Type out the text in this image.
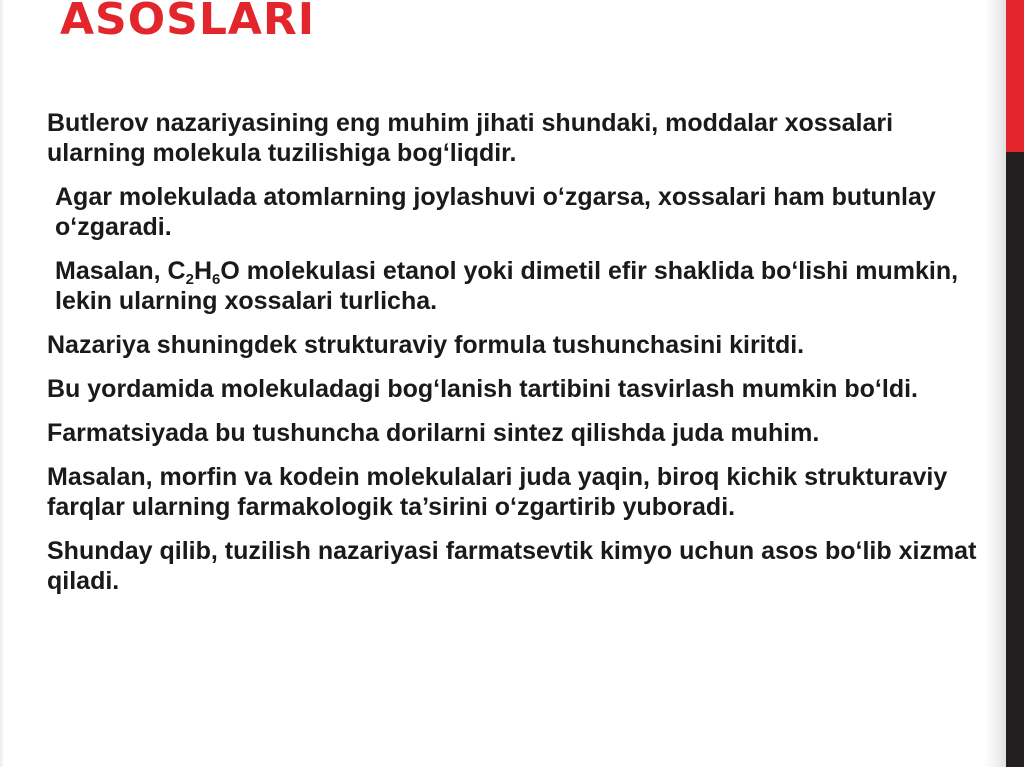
ASOSLARI

Butlerov nazariyasining eng muhim jihati shundaki, moddalar xossalari ularning molekula tuzilishiga bog‘liqdir.

Agar molekulada atomlarning joylashuvi o‘zgarsa, xossalari ham butunlay o‘zgaradi.

Masalan, $C_2H_6O$ molekulasi etanol yoki dimetil efir shaklida bo‘lishi mumkin, lekin ularning xossalari turlicha.

Nazariya shuningdek strukturaviy formula tushunchasini kiritdi.

Bu yordamida molekuladagi bog‘lanish tartibini tasvirlash mumkin bo‘ldi.

Farmatsiyada bu tushuncha dorilarni sintez qilishda juda muhim.

Masalan, morfin va kodein molekulalari juda yaqin, biroq kichik strukturaviy farqlar ularning farmakologik ta’sirini o‘zgartirib yuboradi.

Shunday qilib, tuzilish nazariyasi farmatsevtik kimyo uchun asos bo‘lib xizmat qiladi.
